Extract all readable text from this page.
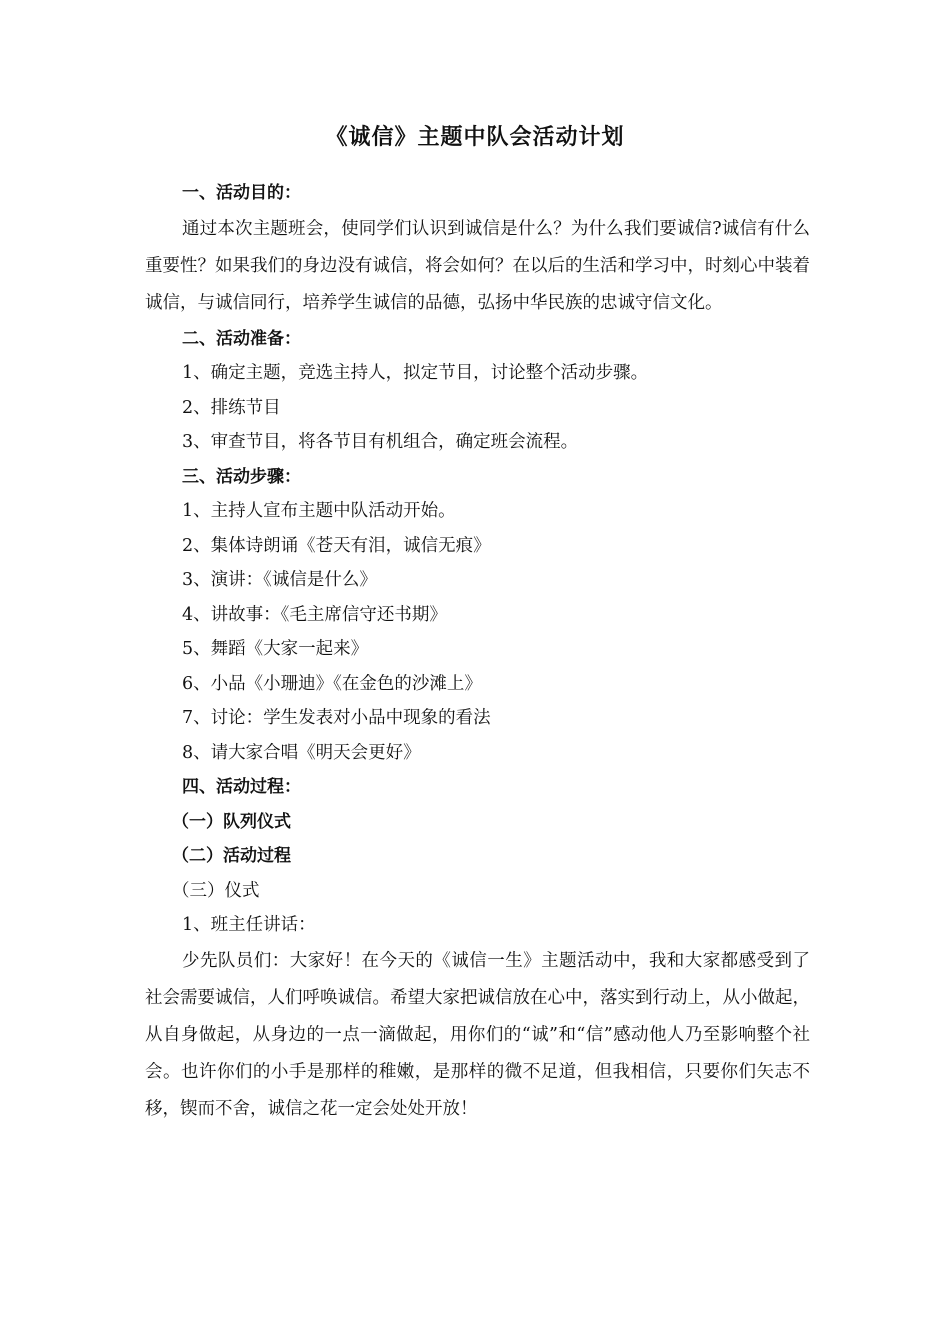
《诚信》主题中队会活动计划

一、活动目的：

通过本次主题班会，使同学们认识到诚信是什么？为什么我们要诚信?诚信有什么重要性？如果我们的身边没有诚信，将会如何？在以后的生活和学习中，时刻心中装着诚信，与诚信同行，培养学生诚信的品德，弘扬中华民族的忠诚守信文化。

二、活动准备：

1、确定主题，竞选主持人，拟定节目，讨论整个活动步骤。

2、排练节目

3、审查节目，将各节目有机组合，确定班会流程。

三、活动步骤：

1、主持人宣布主题中队活动开始。

2、集体诗朗诵《苍天有泪，诚信无痕》

3、演讲：《诚信是什么》

4、讲故事：《毛主席信守还书期》

5、舞蹈《大家一起来》

6、小品《小珊迪》《在金色的沙滩上》

7、讨论：学生发表对小品中现象的看法

8、请大家合唱《明天会更好》

四、活动过程：

（一）队列仪式

（二）活动过程

（三）仪式

1、班主任讲话：

少先队员们：大家好！在今天的《诚信一生》主题活动中，我和大家都感受到了社会需要诚信，人们呼唤诚信。希望大家把诚信放在心中，落实到行动上，从小做起，从自身做起，从身边的一点一滴做起，用你们的“诚”和“信”感动他人乃至影响整个社会。也许你们的小手是那样的稚嫩，是那样的微不足道，但我相信，只要你们矢志不移，锲而不舍，诚信之花一定会处处开放！
